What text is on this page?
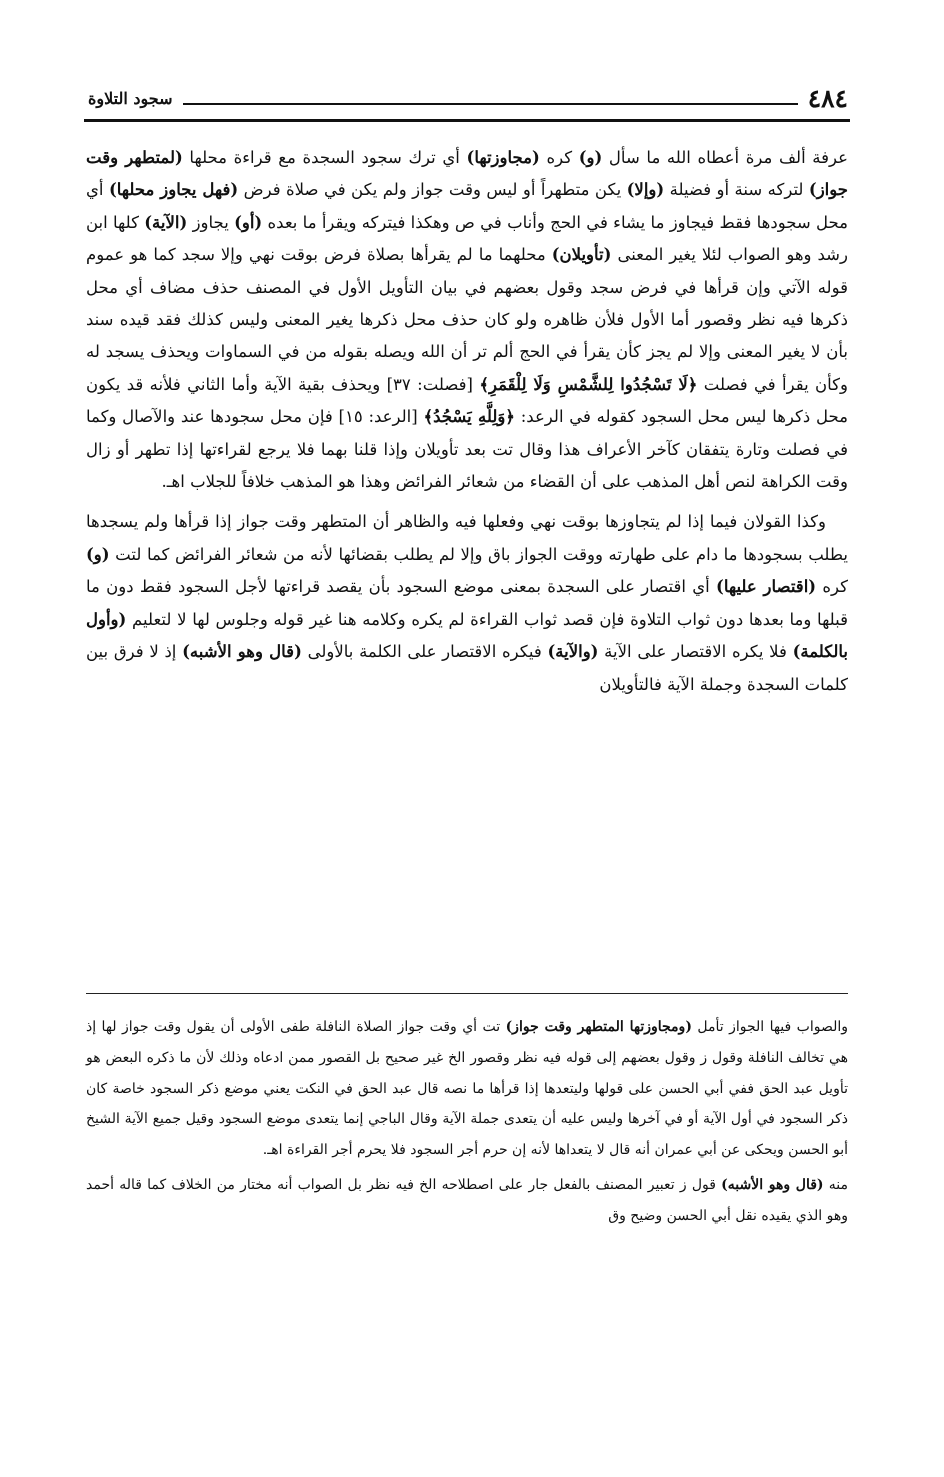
٤٨٤
سجود التلاوة

عرفة ألف مرة أعطاه الله ما سأل (و) كره (مجاوزتها) أي ترك سجود السجدة مع قراءة محلها (لمتطهر وقت جواز) لتركه سنة أو فضيلة (وإلا) يكن متطهراً أو ليس وقت جواز ولم يكن في صلاة فرض (فهل يجاوز محلها) أي محل سجودها فقط فيجاوز ما يشاء في الحج وأناب في ص وهكذا فيتركه ويقرأ ما بعده (أو) يجاوز (الآية) كلها ابن رشد وهو الصواب لئلا يغير المعنى (تأويلان) محلهما ما لم يقرأها بصلاة فرض بوقت نهي وإلا سجد كما هو عموم قوله الآتي وإن قرأها في فرض سجد وقول بعضهم في بيان التأويل الأول في المصنف حذف مضاف أي محل ذكرها فيه نظر وقصور أما الأول فلأن ظاهره ولو كان حذف محل ذكرها يغير المعنى وليس كذلك فقد قيده سند بأن لا يغير المعنى وإلا لم يجز كأن يقرأ في الحج ألم تر أن الله ويصله بقوله من في السماوات ويحذف يسجد له وكأن يقرأ في فصلت ﴿لَا تَسْجُدُوا لِلشَّمْسِ وَلَا لِلْقَمَرِ﴾ [فصلت: ٣٧] ويحذف بقية الآية وأما الثاني فلأنه قد يكون محل ذكرها ليس محل السجود كقوله في الرعد: ﴿وَلِلَّهِ يَسْجُدُ﴾ [الرعد: ١٥] فإن محل سجودها عند والآصال وكما في فصلت وتارة يتفقان كآخر الأعراف هذا وقال تت بعد تأويلان وإذا قلنا بهما فلا يرجع لقراءتها إذا تطهر أو زال وقت الكراهة لنص أهل المذهب على أن القضاء من شعائر الفرائض وهذا هو المذهب خلافاً للجلاب اهـ.

وكذا القولان فيما إذا لم يتجاوزها بوقت نهي وفعلها فيه والظاهر أن المتطهر وقت جواز إذا قرأها ولم يسجدها يطلب بسجودها ما دام على طهارته ووقت الجواز باق وإلا لم يطلب بقضائها لأنه من شعائر الفرائض كما لتت (و) كره (اقتصار عليها) أي اقتصار على السجدة بمعنى موضع السجود بأن يقصد قراءتها لأجل السجود فقط دون ما قبلها وما بعدها دون ثواب التلاوة فإن قصد ثواب القراءة لم يكره وكلامه هنا غير قوله وجلوس لها لا لتعليم (وأول بالكلمة) فلا يكره الاقتصار على الآية (والآية) فيكره الاقتصار على الكلمة بالأولى (قال وهو الأشبه) إذ لا فرق بين كلمات السجدة وجملة الآية فالتأويلان

والصواب فيها الجواز تأمل (ومجاوزتها المتطهر وقت جواز) تت أي وقت جواز الصلاة النافلة طفى الأولى أن يقول وقت جواز لها إذ هي تخالف النافلة وقول ز وقول بعضهم إلى قوله فيه نظر وقصور الخ غير صحيح بل القصور ممن ادعاه وذلك لأن ما ذكره البعض هو تأويل عبد الحق ففي أبي الحسن على قولها وليتعدها إذا قرأها ما نصه قال عبد الحق في النكت يعني موضع ذكر السجود خاصة كان ذكر السجود في أول الآية أو في آخرها وليس عليه أن يتعدى جملة الآية وقال الباجي إنما يتعدى موضع السجود وقيل جميع الآية الشيخ أبو الحسن ويحكى عن أبي عمران أنه قال لا يتعداها لأنه إن حرم أجر السجود فلا يحرم أجر القراءة اهـ.

منه (قال وهو الأشبه) قول ز تعبير المصنف بالفعل جار على اصطلاحه الخ فيه نظر بل الصواب أنه مختار من الخلاف كما قاله أحمد وهو الذي يقيده نقل أبي الحسن وضيح وق
